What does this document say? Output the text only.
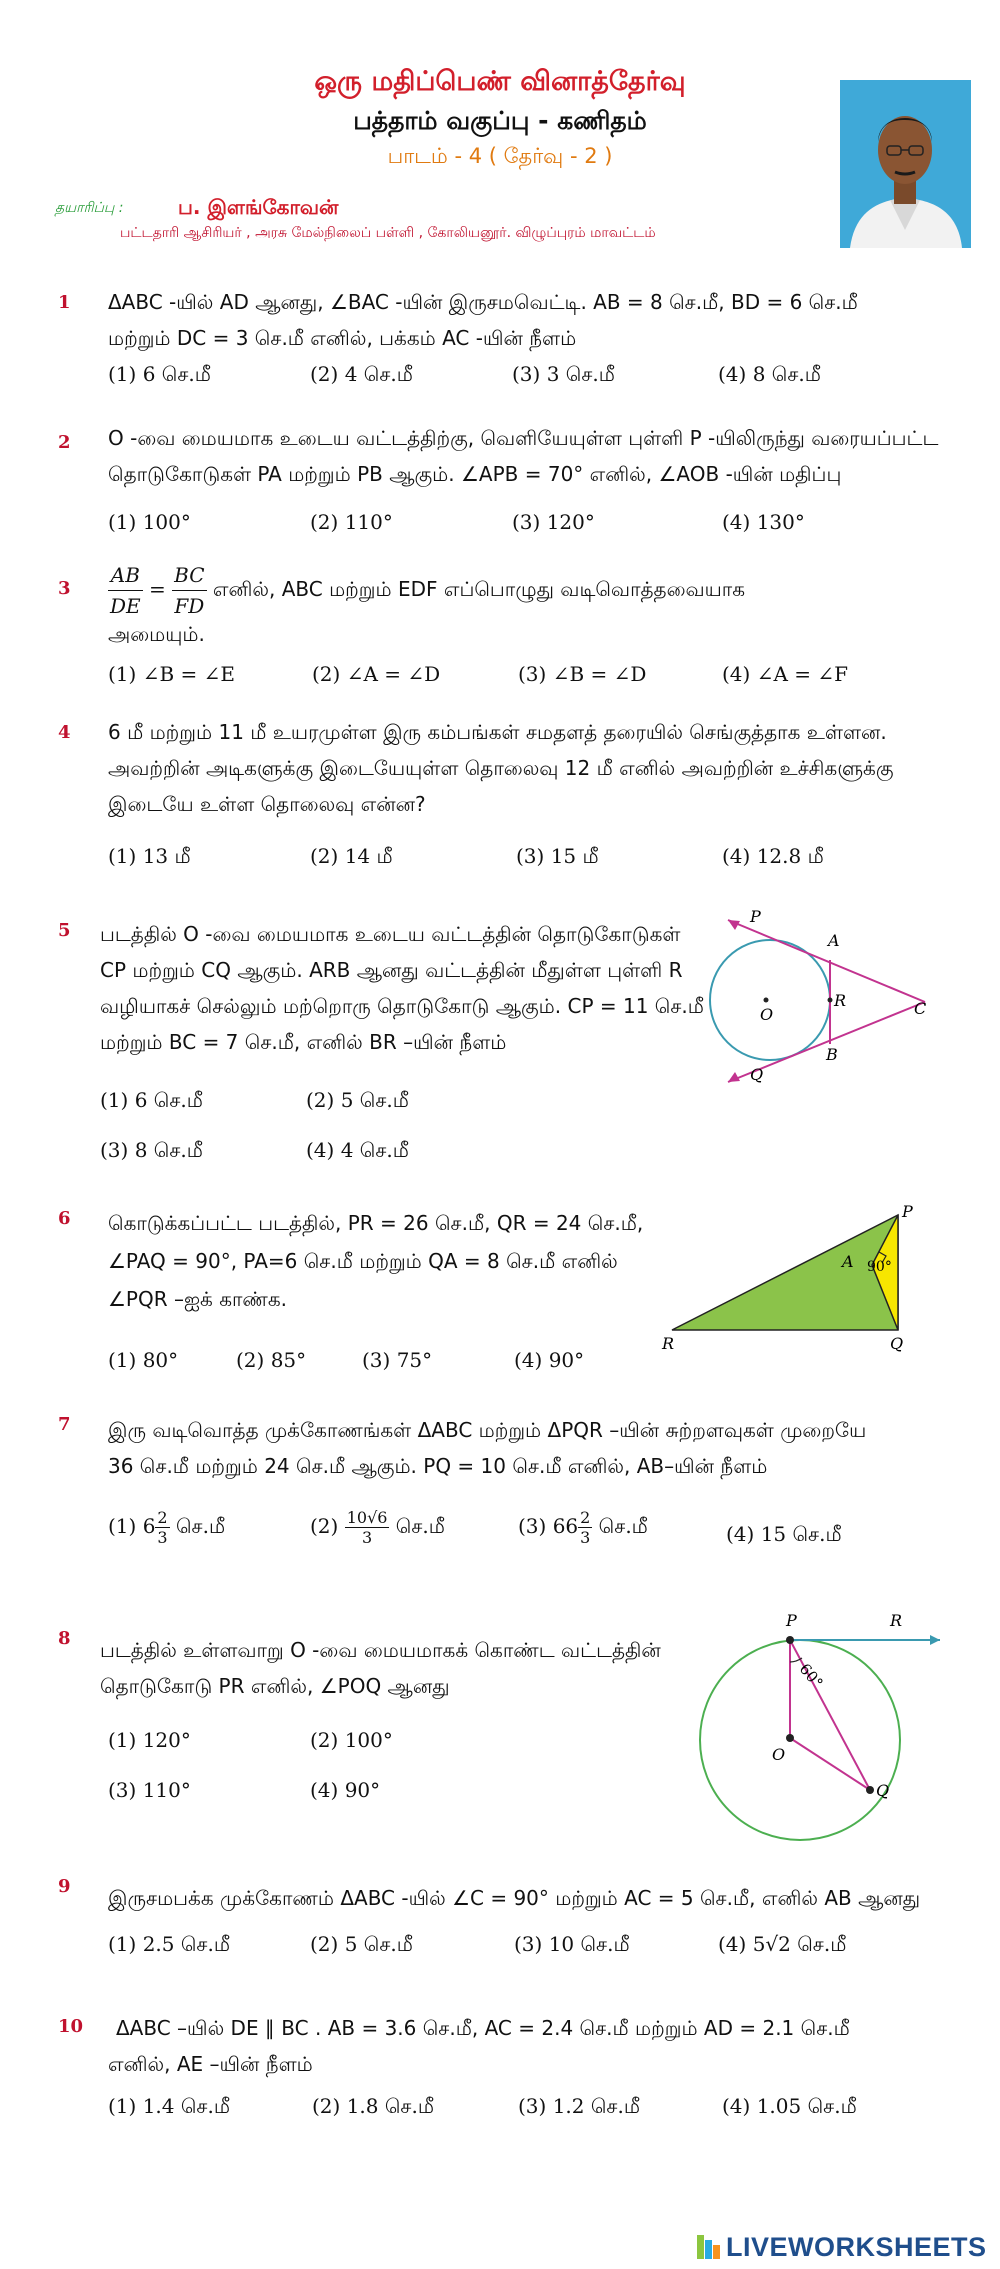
ஒரு மதிப்பெண் வினாத்தேர்வு
பத்தாம் வகுப்பு - கணிதம்
பாடம் - 4 ( தேர்வு - 2 )
தயாரிப்பு :	ப. இளங்கோவன்
பட்டதாரி ஆசிரியர் , அரசு மேல்நிலைப் பள்ளி , கோலியனூர். விழுப்புரம் மாவட்டம்
1 ΔABC -யில் AD ஆனது, ∠BAC -யின் இருசமவெட்டி. AB = 8 செ.மீ, BD = 6 செ.மீ
மற்றும் DC = 3 செ.மீ எனில், பக்கம் AC -யின் நீளம்
(1) 6 செ.மீ	(2) 4 செ.மீ	(3) 3 செ.மீ	(4) 8 செ.மீ
2 O -வை மையமாக உடைய வட்டத்திற்கு, வெளியேயுள்ள புள்ளி P -யிலிருந்து வரையப்பட்ட
தொடுகோடுகள் PA மற்றும் PB ஆகும். ∠APB = 70° எனில், ∠AOB -யின் மதிப்பு
(1) 100°	(2) 110°	(3) 120°	(4) 130°
$3 \frac{AB}{DE} = \frac{BC}{FD}$ எனில், ABC மற்றும் EDF எப்பொழுது வடிவொத்தவையாக
அமையும்.
(1) ∠B = ∠E	(2) ∠A = ∠D	(3) ∠B = ∠D	(4) ∠A = ∠F
4 6 மீ மற்றும் 11 மீ உயரமுள்ள இரு கம்பங்கள் சமதளத் தரையில் செங்குத்தாக உள்ளன.
அவற்றின் அடிகளுக்கு இடையேயுள்ள தொலைவு 12 மீ எனில் அவற்றின் உச்சிகளுக்கு
இடையே உள்ள தொலைவு என்ன?
(1) 13 மீ	(2) 14 மீ	(3) 15 மீ	(4) 12.8 மீ
5 படத்தில் O -வை மையமாக உடைய வட்டத்தின் தொடுகோடுகள்
CP மற்றும் CQ ஆகும். ARB ஆனது வட்டத்தின் மீதுள்ள புள்ளி R
வழியாகச் செல்லும் மற்றொரு தொடுகோடு ஆகும். CP = 11 செ.மீ
மற்றும் BC = 7 செ.மீ, எனில் BR –யின் நீளம்
(1) 6 செ.மீ	(2) 5 செ.மீ
(3) 8 செ.மீ	(4) 4 செ.மீ
P
A
O
R	C
Q
B
6 கொடுக்கப்பட்ட படத்தில், PR = 26 செ.மீ, QR = 24 செ.மீ,
∠PAQ = 90°, PA=6 செ.மீ மற்றும் QA = 8 செ.மீ எனில்
∠PQR –ஐக் காண்க.
(1) 80°	(2) 85°	(3) 75°	(4) 90°
P
A 90°
R	Q
7 இரு வடிவொத்த முக்கோணங்கள் ΔABC மற்றும் ΔPQR –யின் சுற்றளவுகள் முறையே
36 செ.மீ மற்றும் 24 செ.மீ ஆகும். PQ = 10 செ.மீ எனில், AB–யின் நீளம்
(1) $6 \frac{2}{3}$ செ.மீ	$(2) \frac{10√6}{3}$ செ.மீ	(3) $66 \frac{2}{3}$ செ.மீ	(4) 15 செ.மீ
8 படத்தில் உள்ளவாறு O -வை மையமாகக் கொண்ட வட்டத்தின்
தொடுகோடு PR எனில், ∠POQ ஆனது
(1) 120°	(2) 100°
(3) 110°	(4) 90°
P	R
60°
O
Q
9 இருசமபக்க முக்கோணம் ΔABC -யில் ∠C = 90° மற்றும் AC = 5 செ.மீ, எனில் AB ஆனது
(1) 2.5 செ.மீ	(2) 5 செ.மீ	(3) 10 செ.மீ	(4) 5√2 செ.மீ
10 ΔABC –யில் DE ∥ BC . AB = 3.6 செ.மீ, AC = 2.4 செ.மீ மற்றும் AD = 2.1 செ.மீ
எனில், AE –யின் நீளம்
(1) 1.4 செ.மீ	(2) 1.8 செ.மீ	(3) 1.2 செ.மீ	(4) 1.05 செ.மீ
LIVEWORKSHEETS
